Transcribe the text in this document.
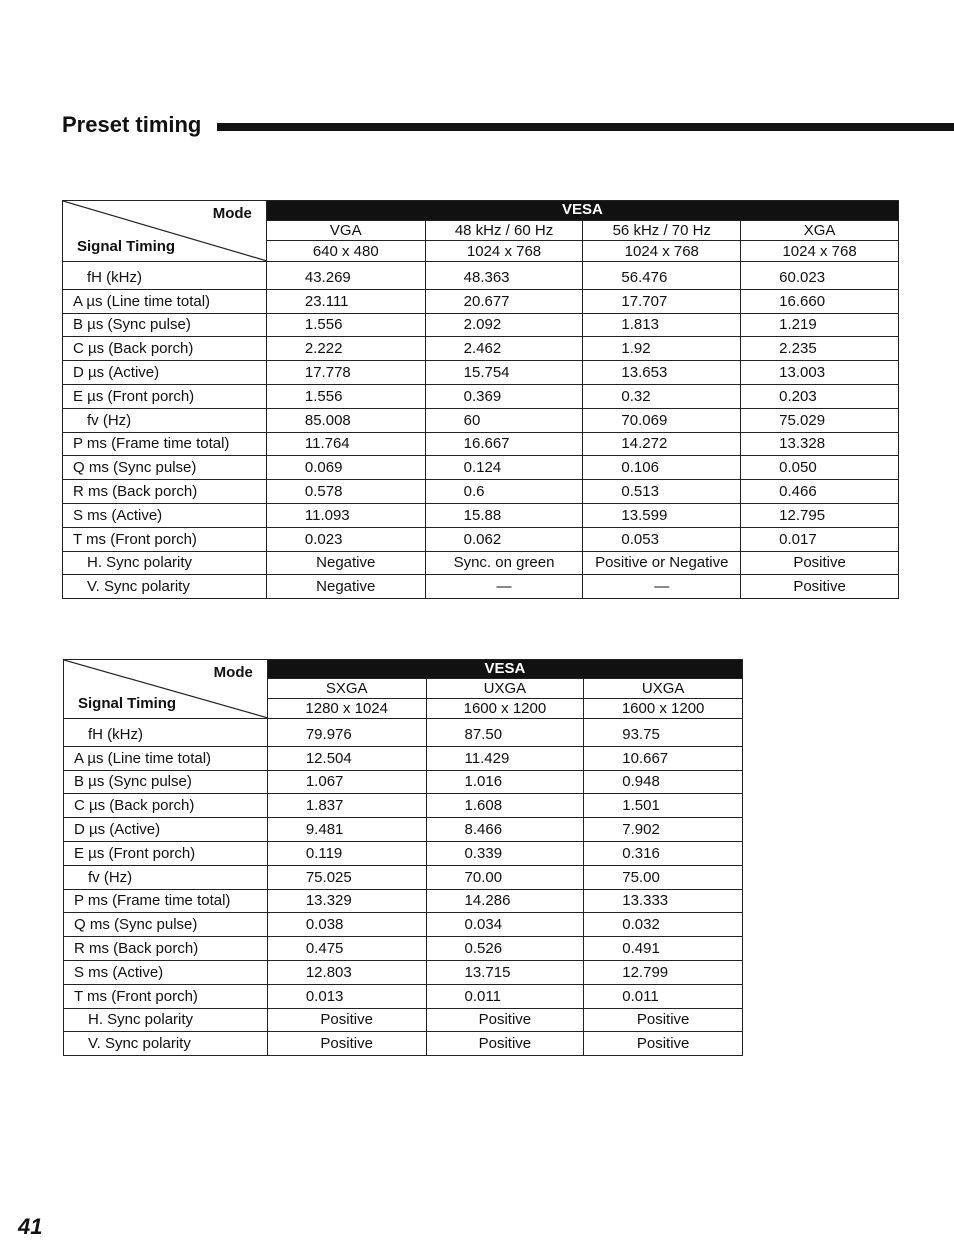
Preset timing
Mode
Signal Timing	VESA			
	VGA	48 kHz / 60 Hz	56 kHz / 70 Hz	XGA
	640 x 480	1024 x 768	1024 x 768	1024 x 768
fH (kHz)	43.269	48.363	56.476	60.023
A µs (Line time total)	23.111	20.677	17.707	16.660
B µs (Sync pulse)	1.556	2.092	1.813	1.219
C µs (Back porch)	2.222	2.462	1.92	2.235
D µs (Active)	17.778	15.754	13.653	13.003
E µs (Front porch)	1.556	0.369	0.32	0.203
fv (Hz)	85.008	60	70.069	75.029
P ms (Frame time total)	11.764	16.667	14.272	13.328
Q ms (Sync pulse)	0.069	0.124	0.106	0.050
R ms (Back porch)	0.578	0.6	0.513	0.466
S ms (Active)	11.093	15.88	13.599	12.795
T ms (Front porch)	0.023	0.062	0.053	0.017
H. Sync polarity	Negative	Sync. on green	Positive or Negative	Positive
V. Sync polarity	Negative	—	—	Positive
Mode
Signal Timing	VESA		
	SXGA	UXGA	UXGA
	1280 x 1024	1600 x 1200	1600 x 1200
fH (kHz)	79.976	87.50	93.75
A µs (Line time total)	12.504	11.429	10.667
B µs (Sync pulse)	1.067	1.016	0.948
C µs (Back porch)	1.837	1.608	1.501
D µs (Active)	9.481	8.466	7.902
E µs (Front porch)	0.119	0.339	0.316
fv (Hz)	75.025	70.00	75.00
P ms (Frame time total)	13.329	14.286	13.333
Q ms (Sync pulse)	0.038	0.034	0.032
R ms (Back porch)	0.475	0.526	0.491
S ms (Active)	12.803	13.715	12.799
T ms (Front porch)	0.013	0.011	0.011
H. Sync polarity	Positive	Positive	Positive
V. Sync polarity	Positive	Positive	Positive
41
